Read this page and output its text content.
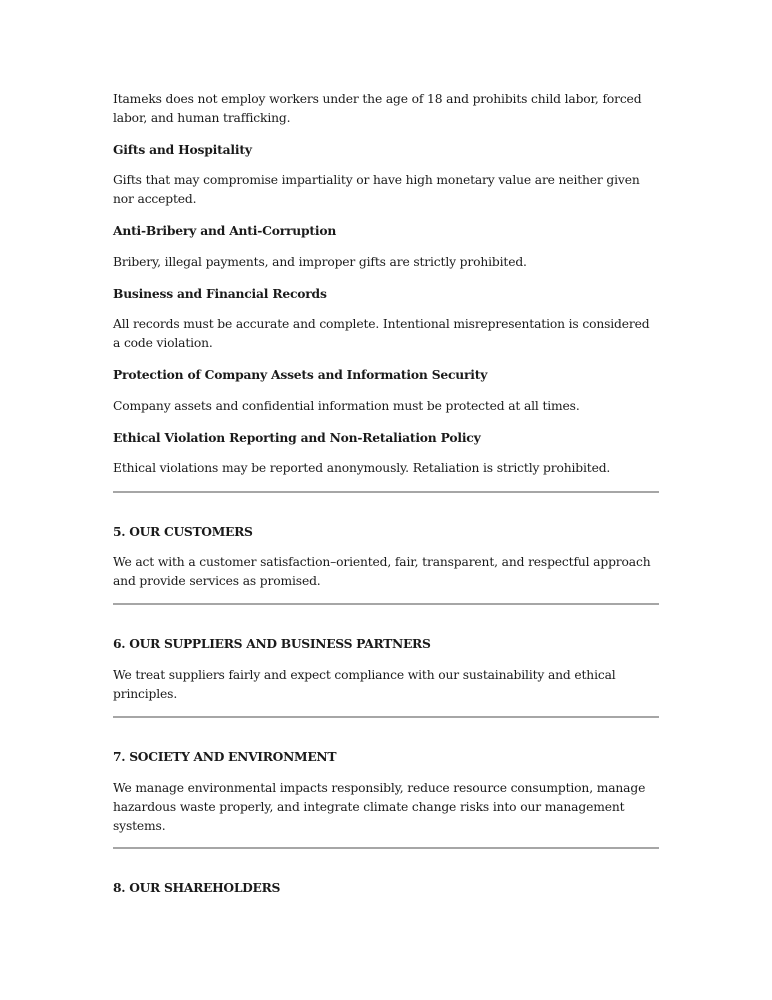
Itameks does not employ workers under the age of 18 and prohibits child labor, forced labor, and human trafficking.

Gifts and Hospitality

Gifts that may compromise impartiality or have high monetary value are neither given nor accepted.

Anti-Bribery and Anti-Corruption

Bribery, illegal payments, and improper gifts are strictly prohibited.

Business and Financial Records

All records must be accurate and complete. Intentional misrepresentation is considered a code violation.

Protection of Company Assets and Information Security

Company assets and confidential information must be protected at all times.

Ethical Violation Reporting and Non-Retaliation Policy

Ethical violations may be reported anonymously. Retaliation is strictly prohibited.

5. OUR CUSTOMERS

We act with a customer satisfaction–oriented, fair, transparent, and respectful approach and provide services as promised.

6. OUR SUPPLIERS AND BUSINESS PARTNERS

We treat suppliers fairly and expect compliance with our sustainability and ethical principles.

7. SOCIETY AND ENVIRONMENT

We manage environmental impacts responsibly, reduce resource consumption, manage hazardous waste properly, and integrate climate change risks into our management systems.

8. OUR SHAREHOLDERS
